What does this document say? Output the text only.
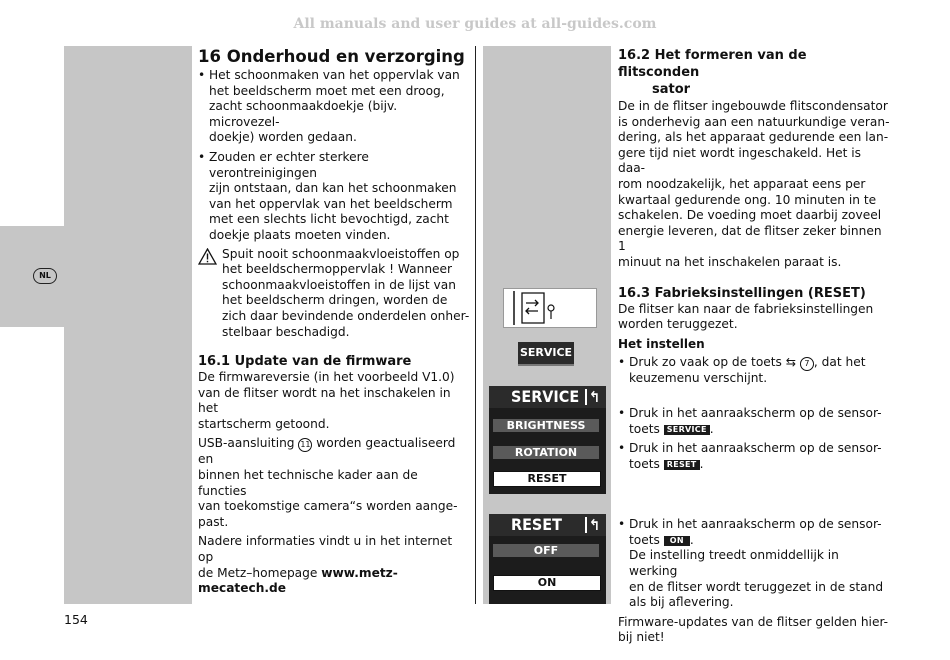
All manuals and user guides at all-guides.com
NL
16 Onderhoud en verzorging

• Het schoonmaken van het oppervlak van

het beeldscherm moet met een droog,

zacht schoonmaakdoekje (bijv. microvezel-

doekje) worden gedaan.

• Zouden er echter sterkere verontreinigingen

zijn ontstaan, dan kan het schoonmaken

van het oppervlak van het beeldscherm

met een slechts licht bevochtigd, zacht

doekje plaats moeten vinden.

Spuit nooit schoonmaakvloeistoffen op

het beeldschermoppervlak ! Wanneer

schoonmaakvloeistoffen in de lijst van

het beeldscherm dringen, worden de

zich daar bevindende onderdelen onher-

stelbaar beschadigd.

16.1 Update van de firmware

De firmwareversie (in het voorbeeld V1.0)

van de flitser wordt na het inschakelen in het

startscherm getoond.

USB-aansluiting 11 worden geactualiseerd en

binnen het technische kader aan de functies

van toekomstige camera“s worden aange-

past.

Nadere informaties vindt u in het internet op

de Metz–homepage www.metz-mecatech.de

SERVICE
SERVICE ↰
BRIGHTNESS
ROTATION
RESET
RESET ↰
OFF
ON
16.2 Het formeren van de flitsconden
sator

De in de flitser ingebouwde flitscondensator

is onderhevig aan een natuurkundige veran-

dering, als het apparaat gedurende een lan-

gere tijd niet wordt ingeschakeld. Het is daa-

rom noodzakelijk, het apparaat eens per

kwartaal gedurende ong. 10 minuten in te

schakelen. De voeding moet daarbij zoveel

energie leveren, dat de flitser zeker binnen 1

minuut na het inschakelen paraat is.

16.3 Fabrieksinstellingen (RESET)

De flitser kan naar de fabrieksinstellingen

worden teruggezet.

Het instellen

• Druk zo vaak op de toets ⇆ 7 , dat het

keuzemenu verschijnt.

• Druk in het aanraakscherm op de sensor-

toets SERVICE .

• Druk in het aanraakscherm op de sensor-

toets RESET .

• Druk in het aanraakscherm op de sensor-

toets ON .

De instelling treedt onmiddellijk in werking

en de flitser wordt teruggezet in de stand

als bij aflevering.

Firmware-updates van de flitser gelden hier-

bij niet!

154
